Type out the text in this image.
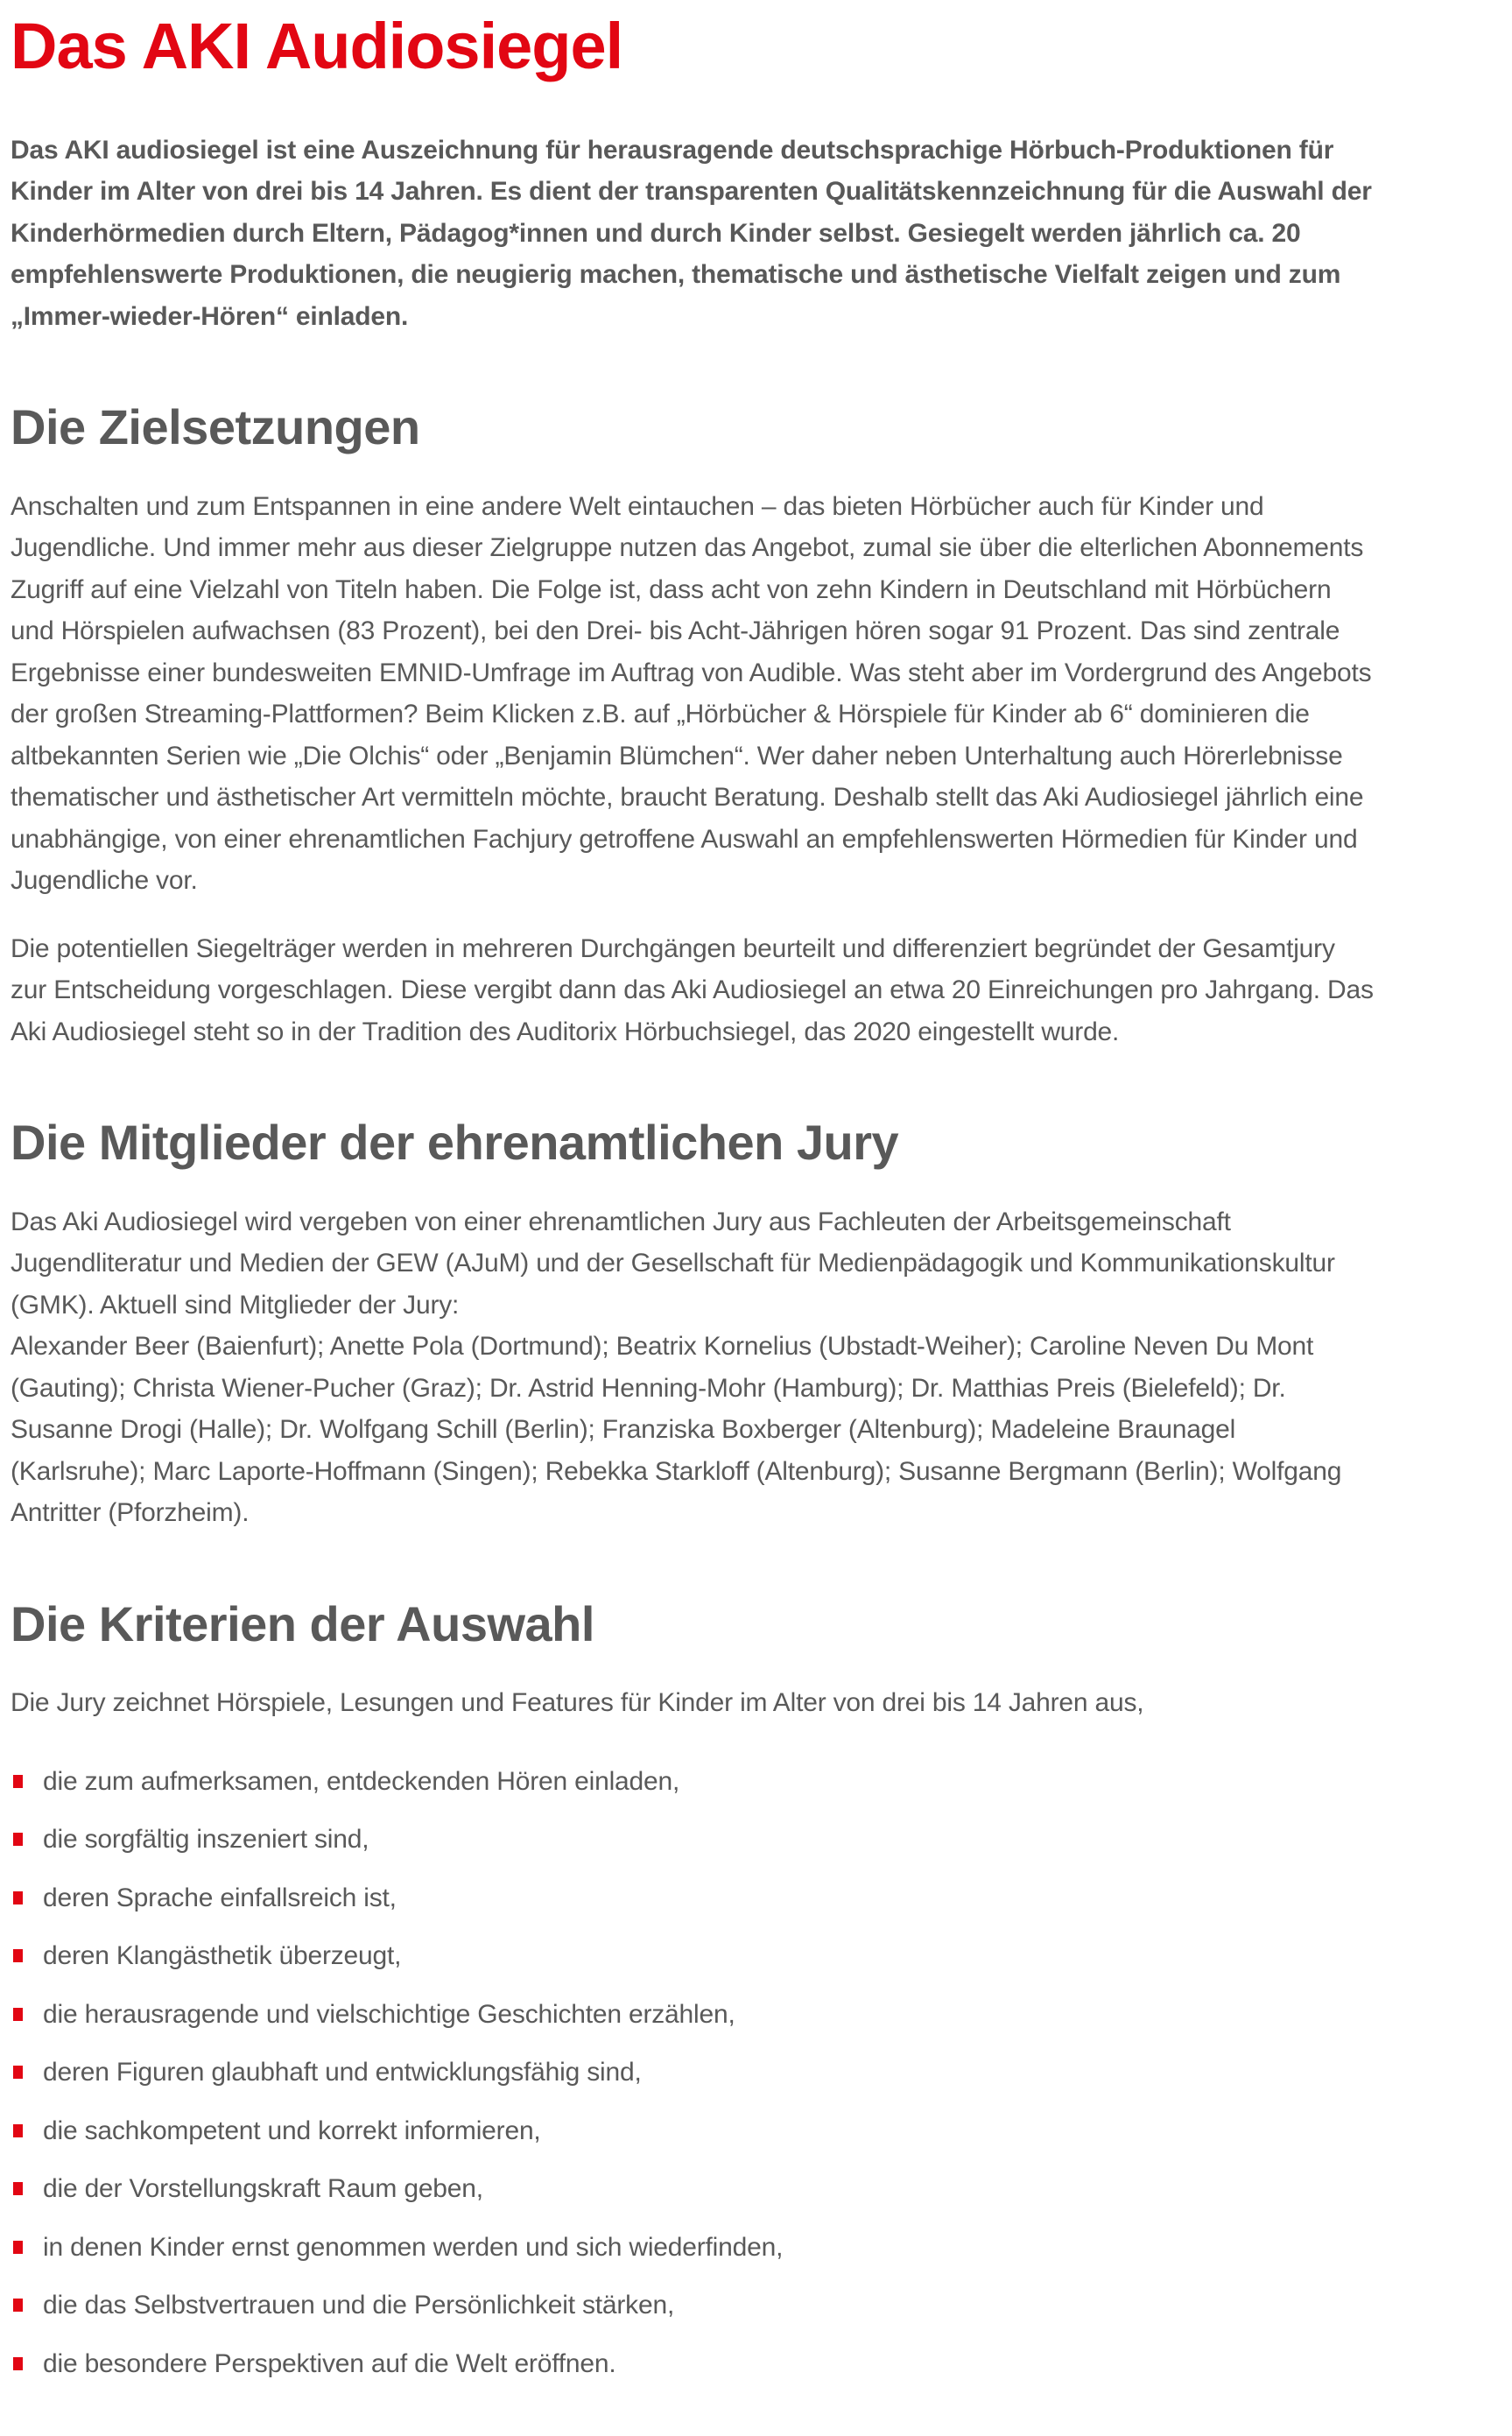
Das AKI Audiosiegel

Das AKI audiosiegel ist eine Auszeichnung für herausragende deutschsprachige Hörbuch-Produktionen für Kinder im Alter von drei bis 14 Jahren. Es dient der transparenten Qualitätskennzeichnung für die Auswahl der Kinderhörmedien durch Eltern, Pädagog*innen und durch Kinder selbst. Gesiegelt werden jährlich ca. 20 empfehlenswerte Produktionen, die neugierig machen, thematische und ästhetische Vielfalt zeigen und zum „Immer-wieder-Hören“ einladen.

Die Zielsetzungen

Anschalten und zum Entspannen in eine andere Welt eintauchen – das bieten Hörbücher auch für Kinder und Jugendliche. Und immer mehr aus dieser Zielgruppe nutzen das Angebot, zumal sie über die elterlichen Abonnements Zugriff auf eine Vielzahl von Titeln haben. Die Folge ist, dass acht von zehn Kindern in Deutschland mit Hörbüchern und Hörspielen aufwachsen (83 Prozent), bei den Drei- bis Acht-Jährigen hören sogar 91 Prozent. Das sind zentrale Ergebnisse einer bundesweiten EMNID-Umfrage im Auftrag von Audible. Was steht aber im Vordergrund des Angebots der großen Streaming-Plattformen? Beim Klicken z.B. auf „Hörbücher & Hörspiele für Kinder ab 6“ dominieren die altbekannten Serien wie „Die Olchis“ oder „Benjamin Blümchen“. Wer daher neben Unterhaltung auch Hörerlebnisse thematischer und ästhetischer Art vermitteln möchte, braucht Beratung. Deshalb stellt das Aki Audiosiegel jährlich eine unabhängige, von einer ehrenamtlichen Fachjury getroffene Auswahl an empfehlenswerten Hörmedien für Kinder und Jugendliche vor.

Die potentiellen Siegelträger werden in mehreren Durchgängen beurteilt und differenziert begründet der Gesamtjury zur Entscheidung vorgeschlagen. Diese vergibt dann das Aki Audiosiegel an etwa 20 Einreichungen pro Jahrgang. Das Aki Audiosiegel steht so in der Tradition des Auditorix Hörbuchsiegel, das 2020 eingestellt wurde.

Die Mitglieder der ehrenamtlichen Jury

Das Aki Audiosiegel wird vergeben von einer ehrenamtlichen Jury aus Fachleuten der Arbeitsgemeinschaft Jugendliteratur und Medien der GEW (AJuM) und der Gesellschaft für Medienpädagogik und Kommunikationskultur (GMK). Aktuell sind Mitglieder der Jury:
Alexander Beer (Baienfurt); Anette Pola (Dortmund); Beatrix Kornelius (Ubstadt-Weiher); Caroline Neven Du Mont (Gauting); Christa Wiener-Pucher (Graz); Dr. Astrid Henning-Mohr (Hamburg); Dr. Matthias Preis (Bielefeld); Dr. Susanne Drogi (Halle); Dr. Wolfgang Schill (Berlin); Franziska Boxberger (Altenburg); Madeleine Braunagel (Karlsruhe); Marc Laporte-Hoffmann (Singen); Rebekka Starkloff (Altenburg); Susanne Bergmann (Berlin); Wolfgang Antritter (Pforzheim).

Die Kriterien der Auswahl

Die Jury zeichnet Hörspiele, Lesungen und Features für Kinder im Alter von drei bis 14 Jahren aus,

die zum aufmerksamen, entdeckenden Hören einladen,
die sorgfältig inszeniert sind,
deren Sprache einfallsreich ist,
deren Klangästhetik überzeugt,
die herausragende und vielschichtige Geschichten erzählen,
deren Figuren glaubhaft und entwicklungsfähig sind,
die sachkompetent und korrekt informieren,
die der Vorstellungskraft Raum geben,
in denen Kinder ernst genommen werden und sich wiederfinden,
die das Selbstvertrauen und die Persönlichkeit stärken,
die besondere Perspektiven auf die Welt eröffnen.
